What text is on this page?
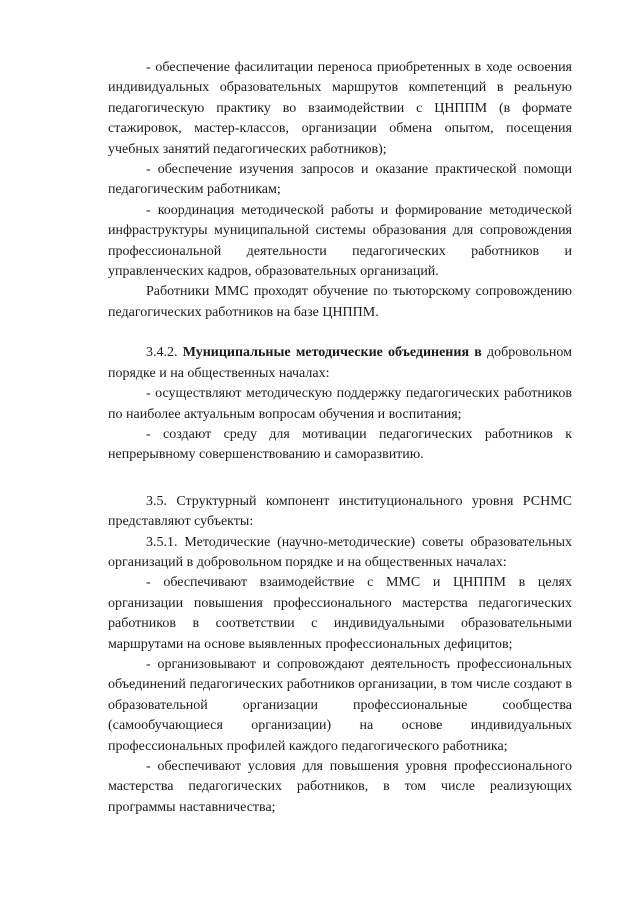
- обеспечение фасилитации переноса приобретенных в ходе освоения индивидуальных образовательных маршрутов компетенций в реальную педагогическую практику во взаимодействии с ЦНППМ (в формате стажировок, мастер-классов, организации обмена опытом, посещения учебных занятий педагогических работников);

- обеспечение изучения запросов и оказание практической помощи педагогическим работникам;

- координация методической работы и формирование методической инфраструктуры муниципальной системы образования для сопровождения профессиональной деятельности педагогических работников и управленческих кадров, образовательных организаций.

Работники ММС проходят обучение по тьюторскому сопровождению педагогических работников на базе ЦНППМ.

3.4.2. Муниципальные методические объединения в добровольном порядке и на общественных началах:

- осуществляют методическую поддержку педагогических работников по наиболее актуальным вопросам обучения и воспитания;

- создают среду для мотивации педагогических работников к непрерывному совершенствованию и саморазвитию.

3.5. Структурный компонент институционального уровня РСНМС представляют субъекты:

3.5.1. Методические (научно-методические) советы образовательных организаций в добровольном порядке и на общественных началах:

- обеспечивают взаимодействие с ММС и ЦНППМ в целях организации повышения профессионального мастерства педагогических работников в соответствии с индивидуальными образовательными маршрутами на основе выявленных профессиональных дефицитов;

- организовывают и сопровождают деятельность профессиональных объединений педагогических работников организации, в том числе создают в образовательной организации профессиональные сообщества (самообучающиеся организации) на основе индивидуальных профессиональных профилей каждого педагогического работника;

- обеспечивают условия для повышения уровня профессионального мастерства педагогических работников, в том числе реализующих программы наставничества;
